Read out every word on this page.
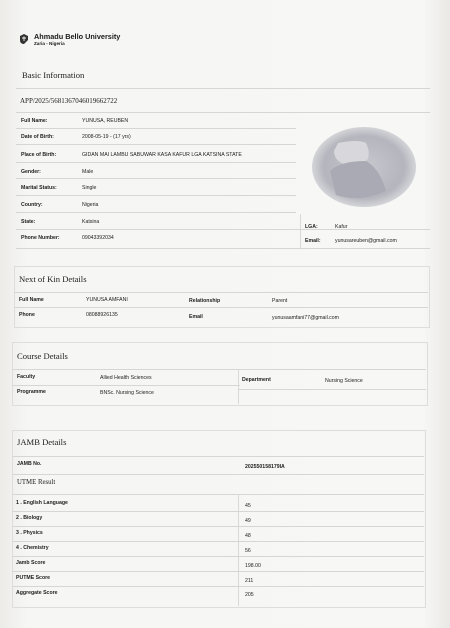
Ahmadu Bello University
Zaria - Nigeria
Basic Information
APP/2025/5681367046019662722
Full Name:	YUNUSA, REUBEN
Date of Birth:	2008-05-19 - (17 yrs)
Place of Birth:	GIDAN MAI LAMBU SABUWAR KASA KAFUR LGA KATSINA STATE
Gender:	Male
Marital Status:	Single
Country:	Nigeria
State:	Katsina
Phone Number:	09043392034
LGA:	Kafur
Email:	yunusareuben@gmail.com
Next of Kin Details
Full Name	YUNUSA AMFANI	Relationship	Parent
Phone	08088926135	Email	yunusaamfani77@gmail.com
Course Details
Faculty	Allied Health Sciences	Department	Nursing Science
Programme	BNSc. Nursing Science
JAMB Details
JAMB No.	202550158179IA
UTME Result
1 . English Language	45
2 . Biology	49
3 . Physics	48
4 . Chemistry	56
Jamb Score	198.00
PUTME Score	211
Aggregate Score	205
